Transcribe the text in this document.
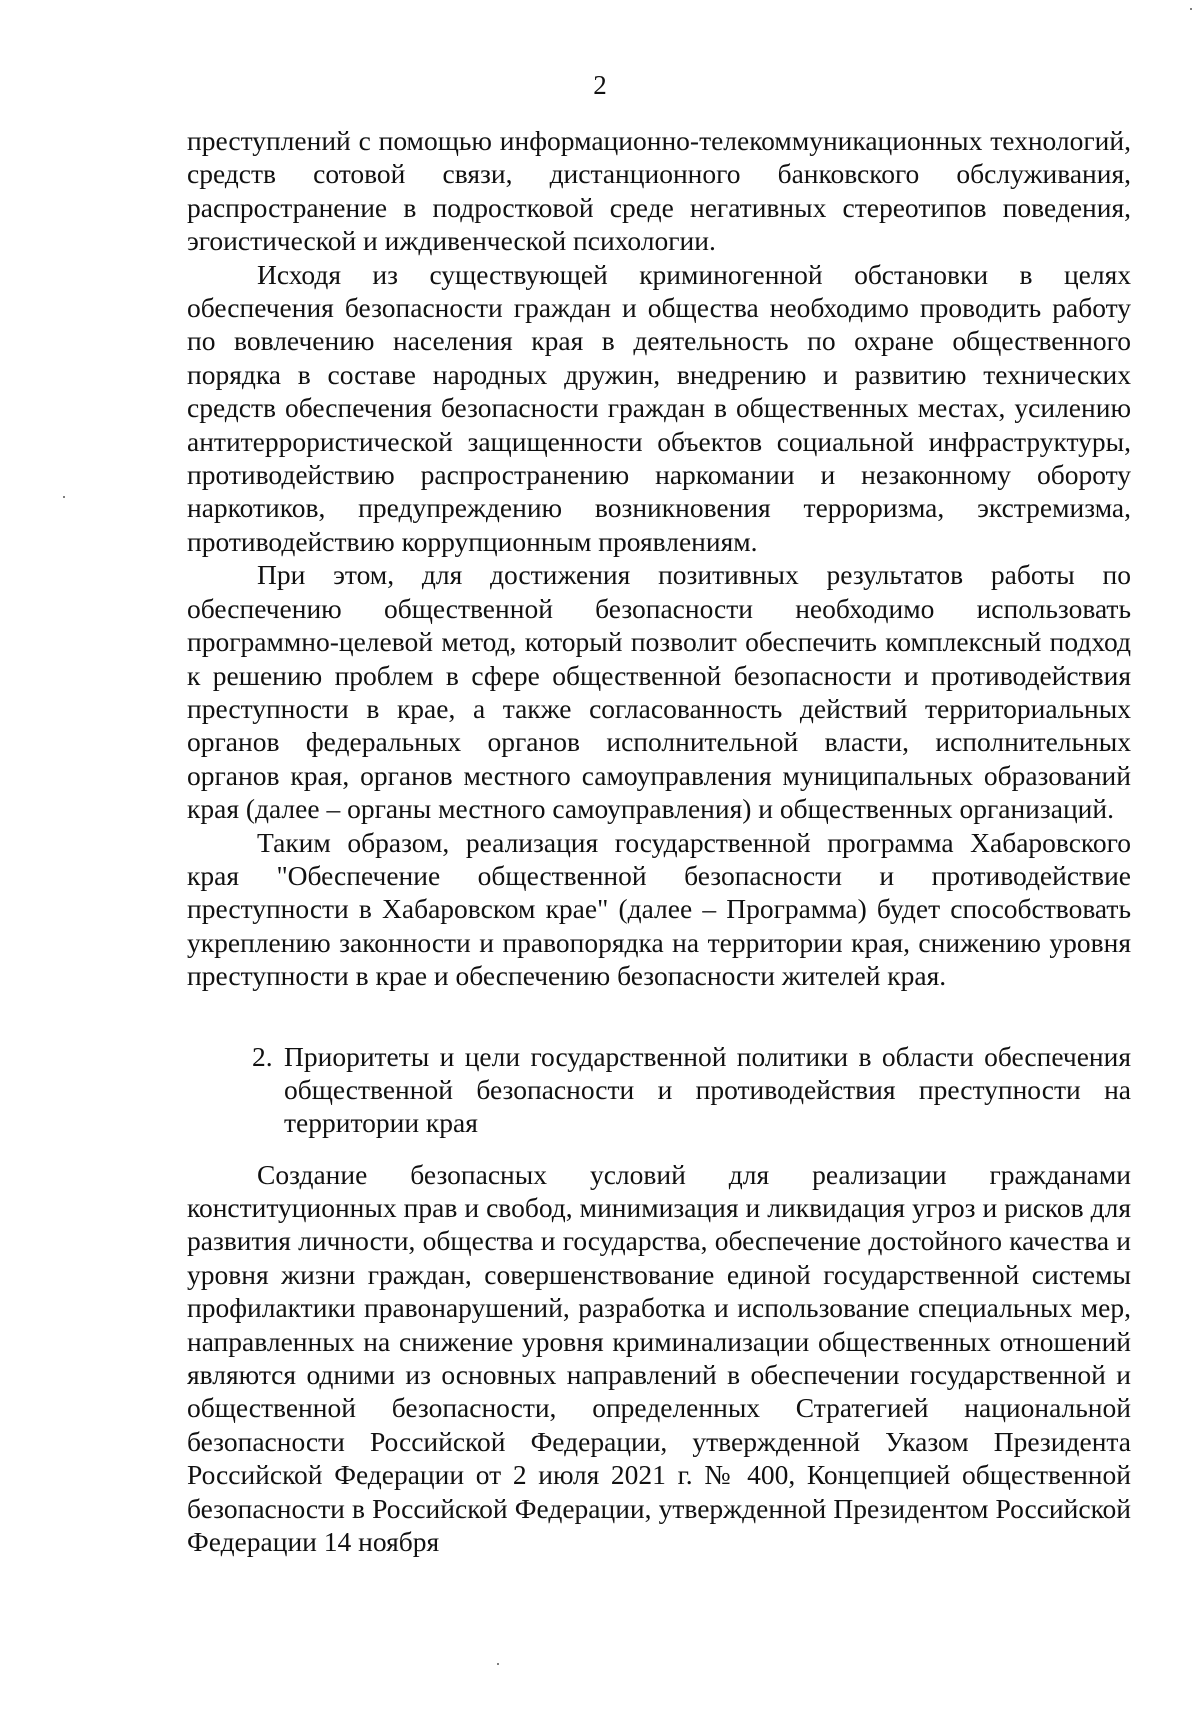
2

преступлений с помощью информационно-телекоммуникационных технологий, средств сотовой связи, дистанционного банковского обслуживания, распространение в подростковой среде негативных стереотипов поведения, эгоистической и иждивенческой психологии.

Исходя из существующей криминогенной обстановки в целях обеспечения безопасности граждан и общества необходимо проводить работу по вовлечению населения края в деятельность по охране общественного порядка в составе народных дружин, внедрению и развитию технических средств обеспечения безопасности граждан в общественных местах, усилению антитеррористической защищенности объектов социальной инфраструктуры, противодействию распространению наркомании и незаконному обороту наркотиков, предупреждению возникновения терроризма, экстремизма, противодействию коррупционным проявлениям.

При этом, для достижения позитивных результатов работы по обеспечению общественной безопасности необходимо использовать программно-целевой метод, который позволит обеспечить комплексный подход к решению проблем в сфере общественной безопасности и противодействия преступности в крае, а также согласованность действий территориальных органов федеральных органов исполнительной власти, исполнительных органов края, органов местного самоуправления муниципальных образований края (далее – органы местного самоуправления) и общественных организаций.

Таким образом, реализация государственной программа Хабаровского края "Обеспечение общественной безопасности и противодействие преступности в Хабаровском крае" (далее – Программа) будет способствовать укреплению законности и правопорядка на территории края, снижению уровня преступности в крае и обеспечению безопасности жителей края.

2. Приоритеты и цели государственной политики в области обеспечения общественной безопасности и противодействия преступности на территории края

Создание безопасных условий для реализации гражданами конституционных прав и свобод, минимизация и ликвидация угроз и рисков для развития личности, общества и государства, обеспечение достойного качества и уровня жизни граждан, совершенствование единой государственной системы профилактики правонарушений, разработка и использование специальных мер, направленных на снижение уровня криминализации общественных отношений являются одними из основных направлений в обеспечении государственной и общественной безопасности, определенных Стратегией национальной безопасности Российской Федерации, утвержденной Указом Президента Российской Федерации от 2 июля 2021 г. № 400, Концепцией общественной безопасности в Российской Федерации, утвержденной Президентом Российской Федерации 14 ноября
